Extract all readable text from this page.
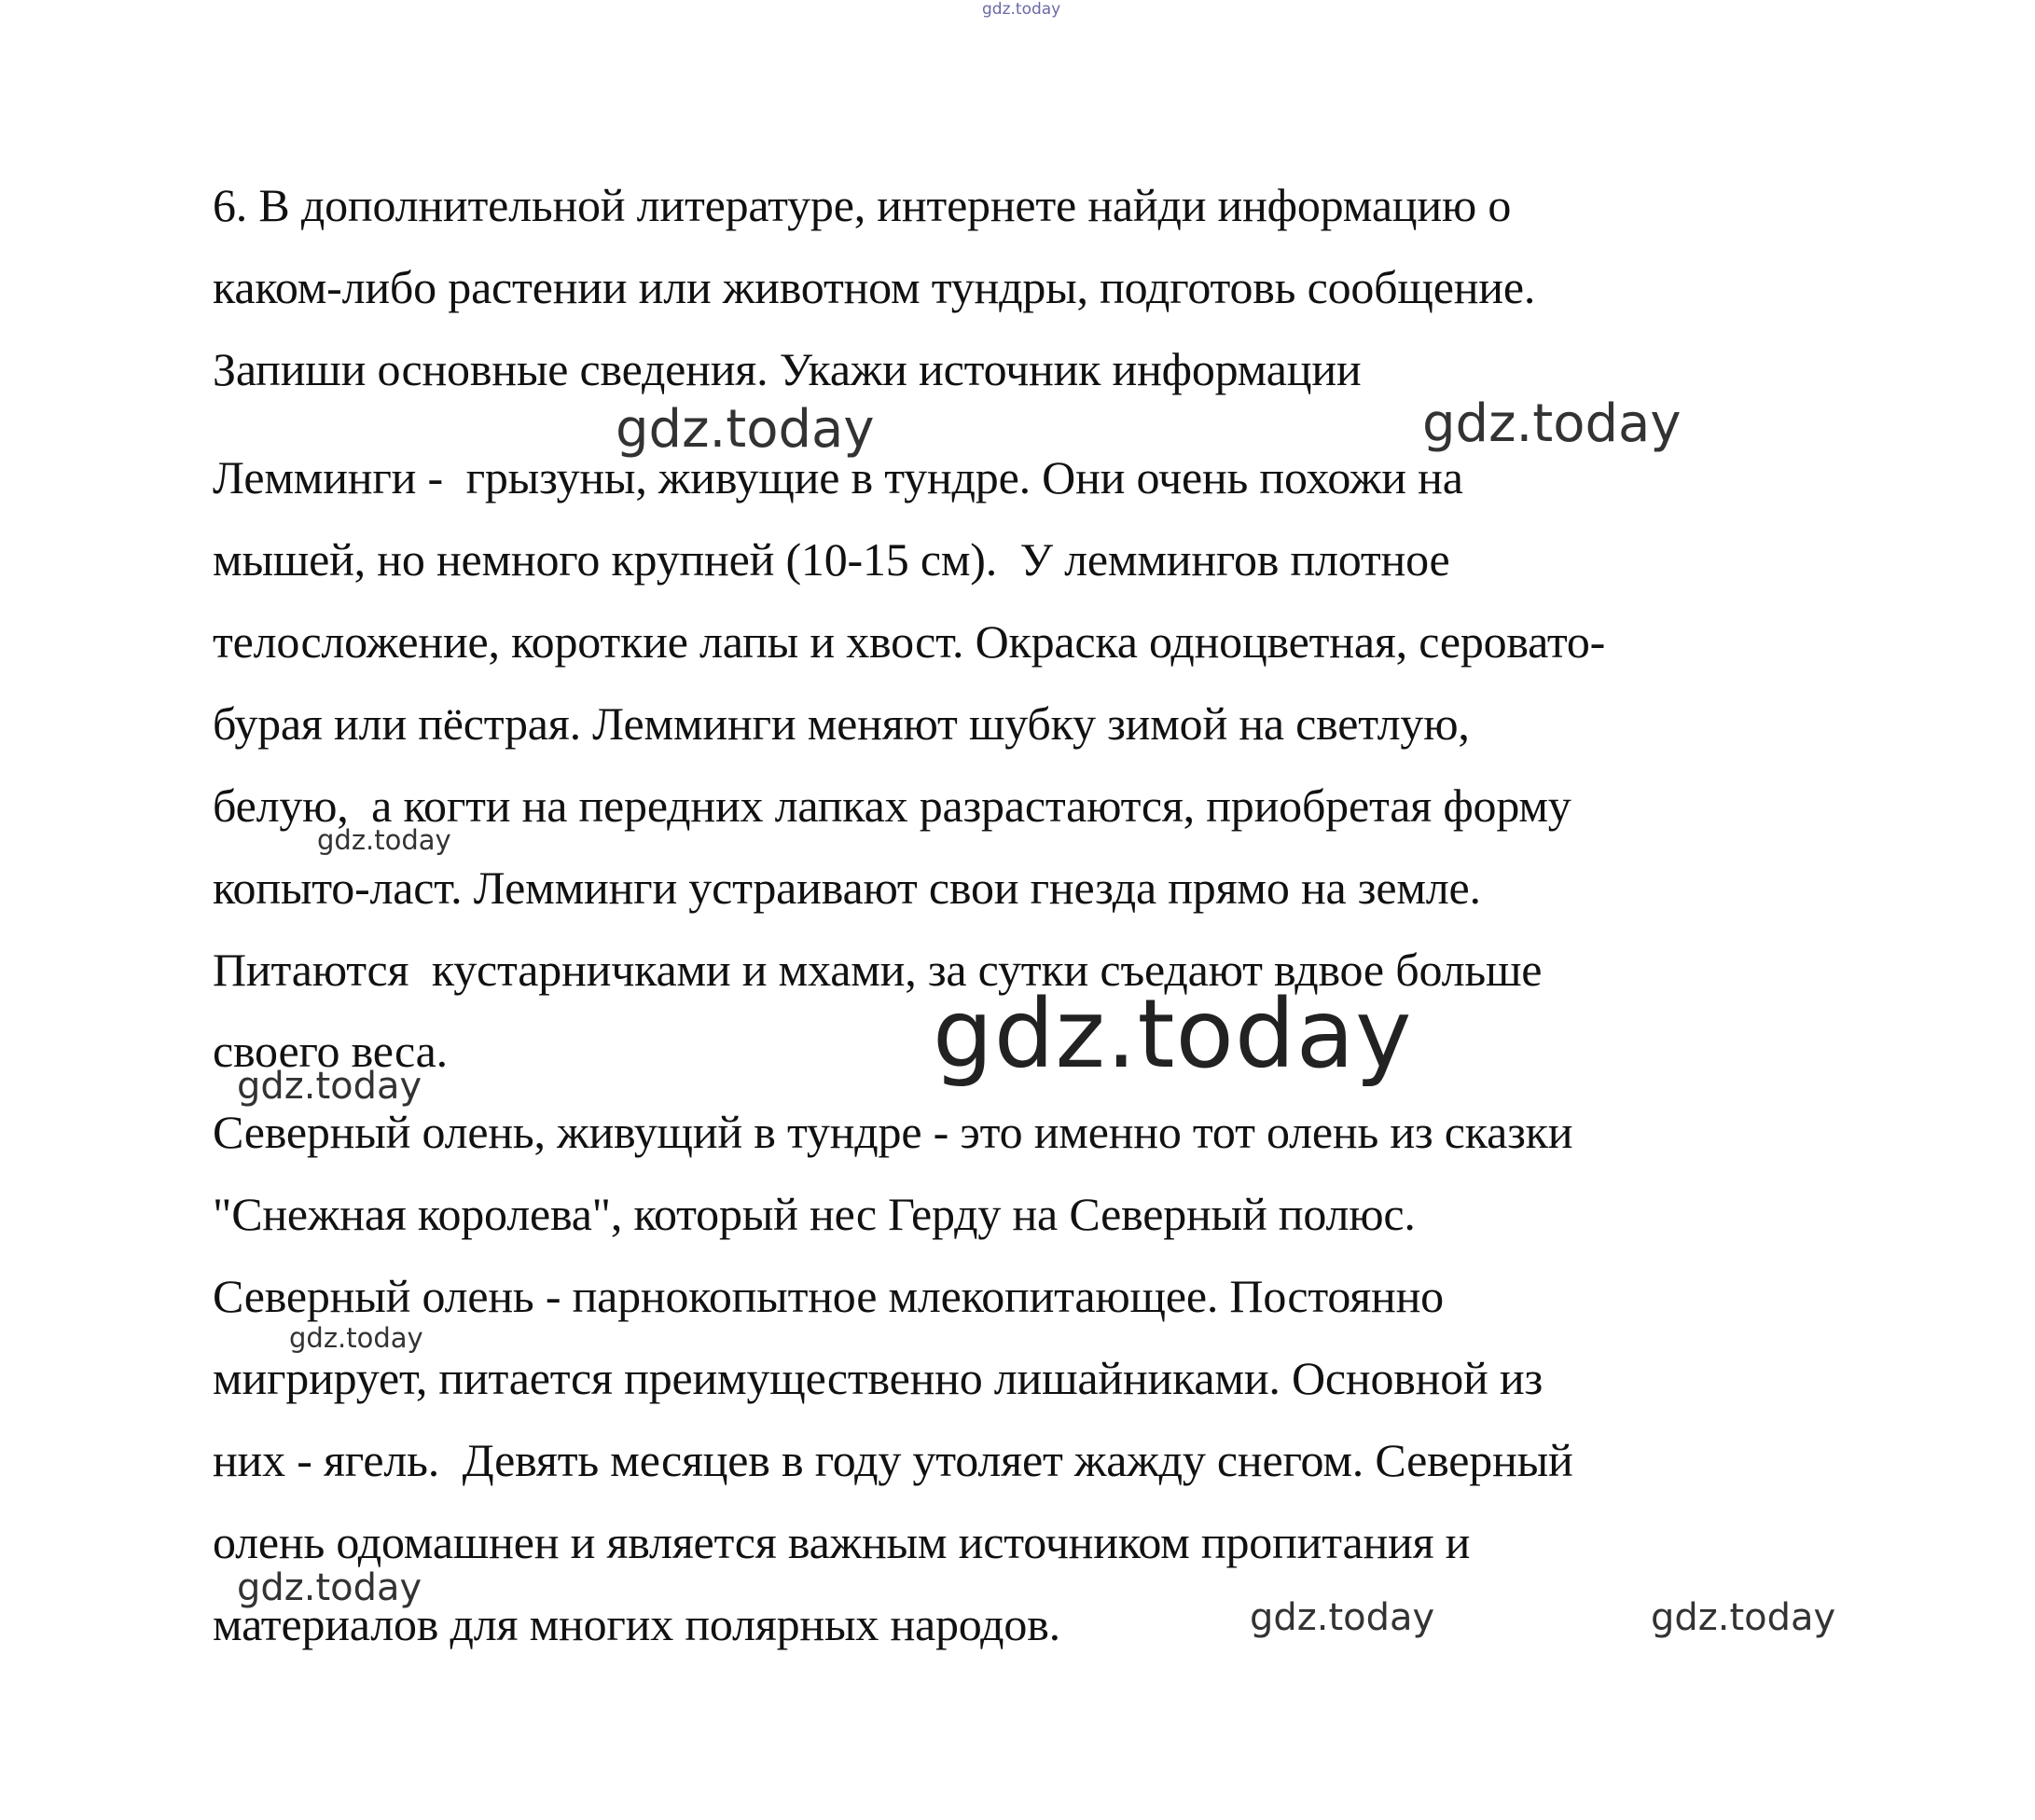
6. В дополнительной литературе, интернете найди информацию о
каком-либо растении или животном тундры, подготовь сообщение.
Запиши основные сведения. Укажи источник информации
Лемминги -  грызуны, живущие в тундре. Они очень похожи на
мышей, но немного крупней (10-15 см).  У леммингов плотное
телосложение, короткие лапы и хвост. Окраска одноцветная, серовато-
бурая или пёстрая. Лемминги меняют шубку зимой на светлую,
белую,  а когти на передних лапках разрастаются, приобретая форму
копыто-ласт. Лемминги устраивают свои гнезда прямо на земле.
Питаются  кустарничками и мхами, за сутки съедают вдвое больше
своего веса.
Северный олень, живущий в тундре - это именно тот олень из сказки
"Снежная королева", который нес Герду на Северный полюс.
Северный олень - парнокопытное млекопитающее. Постоянно
мигрирует, питается преимущественно лишайниками. Основной из
них - ягель.  Девять месяцев в году утоляет жажду снегом. Северный
олень одомашнен и является важным источником пропитания и
материалов для многих полярных народов.
gdz.today
gdz.today	gdz.today
gdz.today
gdz.today
gdz.today
gdz.today
gdz.today
gdz.today	gdz.today
